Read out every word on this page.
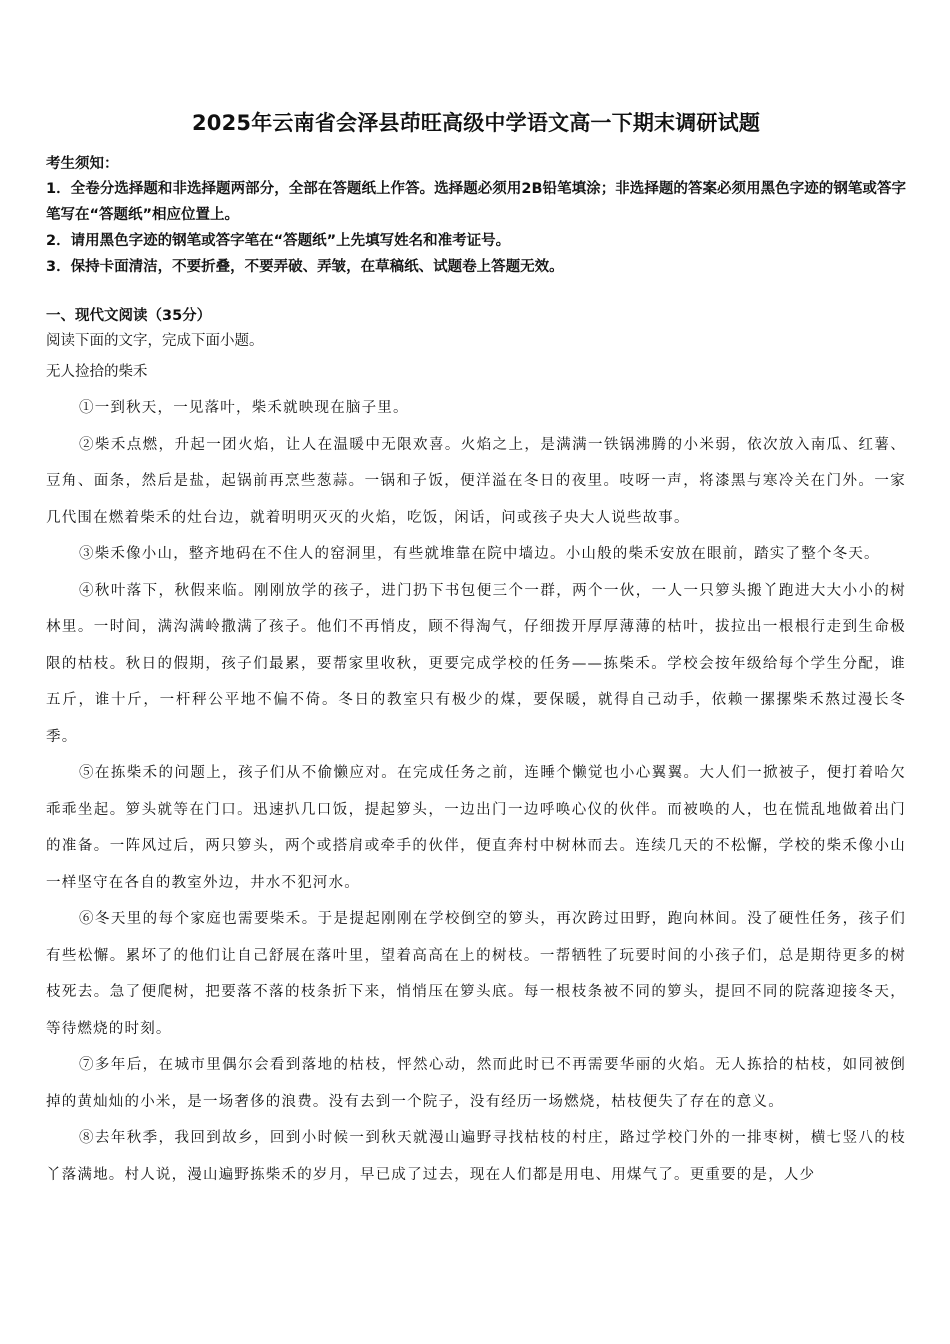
2025年云南省会泽县茚旺高级中学语文高一下期末调研试题

考生须知：

1．全卷分选择题和非选择题两部分，全部在答题纸上作答。选择题必须用2B铅笔填涂；非选择题的答案必须用黑色字迹的钢笔或答字笔写在“答题纸”相应位置上。

2．请用黑色字迹的钢笔或答字笔在“答题纸”上先填写姓名和准考证号。

3．保持卡面清洁，不要折叠，不要弄破、弄皱，在草稿纸、试题卷上答题无效。

一、现代文阅读（35分）

阅读下面的文字，完成下面小题。

无人捡拾的柴禾

①一到秋天，一见落叶，柴禾就映现在脑子里。

②柴禾点燃，升起一团火焰，让人在温暖中无限欢喜。火焰之上，是满满一铁锅沸腾的小米弱，依次放入南瓜、红薯、豆角、面条，然后是盐，起锅前再烹些葱蒜。一锅和子饭，便洋溢在冬日的夜里。吱呀一声，将漆黑与寒冷关在门外。一家几代围在燃着柴禾的灶台边，就着明明灭灭的火焰，吃饭，闲话，问或孩子央大人说些故事。

③柴禾像小山，整齐地码在不住人的窑洞里，有些就堆靠在院中墙边。小山般的柴禾安放在眼前，踏实了整个冬天。

④秋叶落下，秋假来临。刚刚放学的孩子，进门扔下书包便三个一群，两个一伙，一人一只箩头搬丫跑进大大小小的树林里。一时间，满沟满岭撒满了孩子。他们不再悄皮，顾不得淘气，仔细拨开厚厚薄薄的枯叶，拔拉出一根根行走到生命极限的枯枝。秋日的假期，孩子们最累，要帮家里收秋，更要完成学校的任务——拣柴禾。学校会按年级给每个学生分配，谁五斤，谁十斤，一杆秤公平地不偏不倚。冬日的教室只有极少的煤，要保暖，就得自己动手，依赖一摞摞柴禾熬过漫长冬季。

⑤在拣柴禾的问题上，孩子们从不偷懒应对。在完成任务之前，连睡个懒觉也小心翼翼。大人们一掀被子，便打着哈欠乖乖坐起。箩头就等在门口。迅速扒几口饭，提起箩头，一边出门一边呼唤心仪的伙伴。而被唤的人，也在慌乱地做着出门的准备。一阵风过后，两只箩头，两个或搭肩或牵手的伙伴，便直奔村中树林而去。连续几天的不松懈，学校的柴禾像小山一样坚守在各自的教室外边，井水不犯河水。

⑥冬天里的每个家庭也需要柴禾。于是提起刚刚在学校倒空的箩头，再次跨过田野，跑向林间。没了硬性任务，孩子们有些松懈。累坏了的他们让自己舒展在落叶里，望着高高在上的树枝。一帮牺牲了玩要时间的小孩子们，总是期待更多的树枝死去。急了便爬树，把要落不落的枝条折下来，悄悄压在箩头底。每一根枝条被不同的箩头，提回不同的院落迎接冬天，等待燃烧的时刻。

⑦多年后，在城市里偶尔会看到落地的枯枝，怦然心动，然而此时已不再需要华丽的火焰。无人拣拾的枯枝，如同被倒掉的黄灿灿的小米，是一场奢侈的浪费。没有去到一个院子，没有经历一场燃烧，枯枝便失了存在的意义。

⑧去年秋季，我回到故乡，回到小时候一到秋天就漫山遍野寻找枯枝的村庄，路过学校门外的一排枣树，横七竖八的枝丫落满地。村人说，漫山遍野拣柴禾的岁月，早已成了过去，现在人们都是用电、用煤气了。更重要的是，人少
